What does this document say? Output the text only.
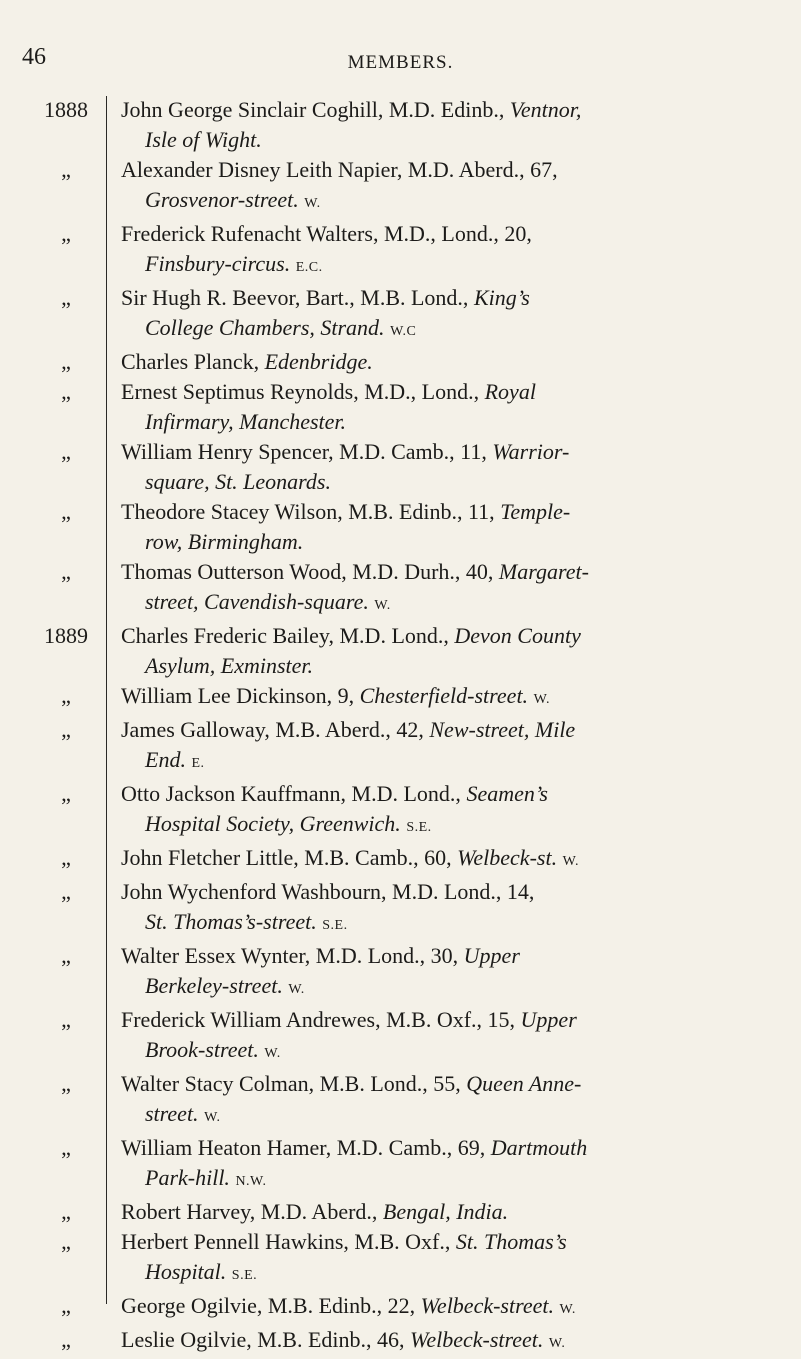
46	MEMBERS.
1888	John George Sinclair Coghill, M.D. Edinb., Ventnor,
Isle of Wight.
„	Alexander Disney Leith Napier, M.D. Aberd., 67,
Grosvenor-street. W.
„	Frederick Rufenacht Walters, M.D., Lond., 20,
Finsbury-circus. E.C.
„	Sir Hugh R. Beevor, Bart., M.B. Lond., King’s
College Chambers, Strand. W.C
„	Charles Planck, Edenbridge.
„	Ernest Septimus Reynolds, M.D., Lond., Royal
Infirmary, Manchester.
„	William Henry Spencer, M.D. Camb., 11, Warrior-
square, St. Leonards.
„	Theodore Stacey Wilson, M.B. Edinb., 11, Temple-
row, Birmingham.
„	Thomas Outterson Wood, M.D. Durh., 40, Margaret-
street, Cavendish-square. W.
1889	Charles Frederic Bailey, M.D. Lond., Devon County
Asylum, Exminster.
„	William Lee Dickinson, 9, Chesterfield-street. W.
„	James Galloway, M.B. Aberd., 42, New-street, Mile
End. E.
„	Otto Jackson Kauffmann, M.D. Lond., Seamen’s
Hospital Society, Greenwich. S.E.
„	John Fletcher Little, M.B. Camb., 60, Welbeck-st. W.
„	John Wychenford Washbourn, M.D. Lond., 14,
St. Thomas’s-street. S.E.
„	Walter Essex Wynter, M.D. Lond., 30, Upper
Berkeley-street. W.
„	Frederick William Andrewes, M.B. Oxf., 15, Upper
Brook-street. W.
„	Walter Stacy Colman, M.B. Lond., 55, Queen Anne-
street. W.
„	William Heaton Hamer, M.D. Camb., 69, Dartmouth
Park-hill. N.W.
„	Robert Harvey, M.D. Aberd., Bengal, India.
„	Herbert Pennell Hawkins, M.B. Oxf., St. Thomas’s
Hospital. S.E.
„	George Ogilvie, M.B. Edinb., 22, Welbeck-street. W.
„	Leslie Ogilvie, M.B. Edinb., 46, Welbeck-street. W.
